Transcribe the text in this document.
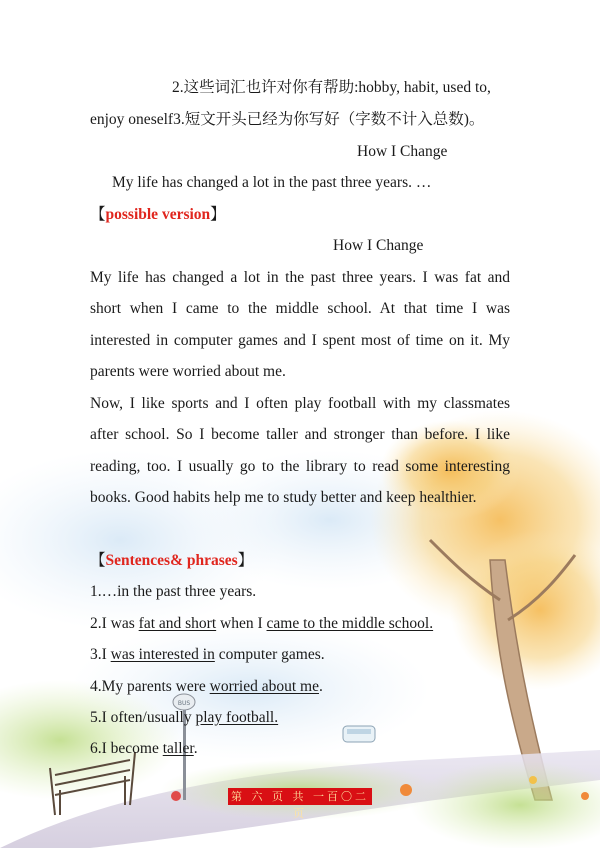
BUS
2.这些词汇也许对你有帮助:hobby, habit, used to,
enjoy oneself3.短文开头已经为你写好（字数不计入总数)。
How I Change
My life has changed a lot in the past three years. …
【possible version】
How I Change
My life has changed a lot in the past three years. I was fat and
short when I came to the middle school. At that time I was
interested in computer games and I spent most of time on it. My
parents were worried about me.
Now, I like sports and I often play football with my classmates
after school. So I become taller and stronger than before. I like
reading, too. I usually go to the library to read some interesting
books. Good habits help me to study better and keep healthier.
【Sentences& phrases】
1.…in the past three years.
2.I was fat and short when I came to the middle school.
3.I was interested in computer games.
4.My parents were worried about me.
5.I often/usually play football.
6.I become taller.
第 六 页 共 一百〇二 页
